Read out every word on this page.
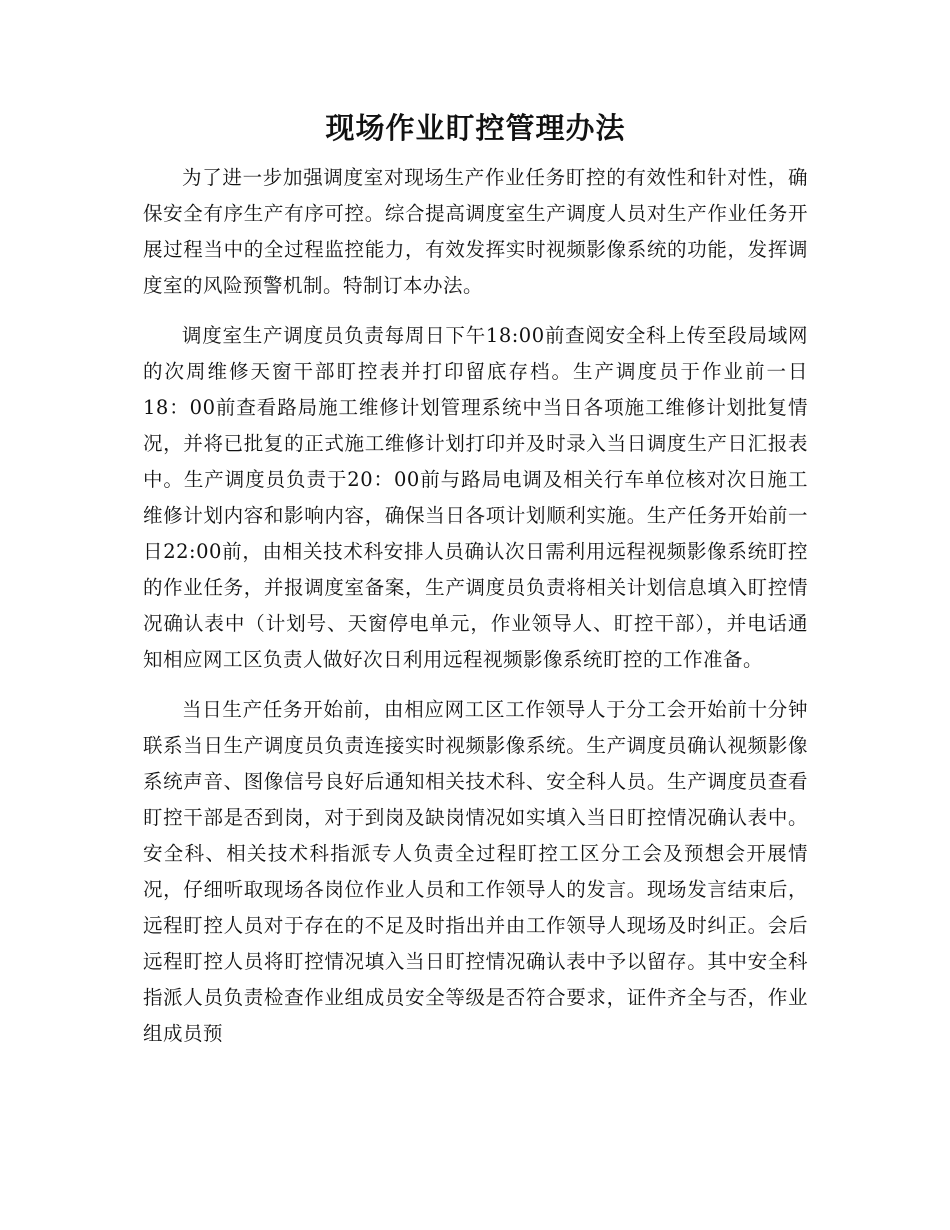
现场作业盯控管理办法

为了进一步加强调度室对现场生产作业任务盯控的有效性和针对性，确保安全有序生产有序可控。综合提高调度室生产调度人员对生产作业任务开展过程当中的全过程监控能力，有效发挥实时视频影像系统的功能，发挥调度室的风险预警机制。特制订本办法。

调度室生产调度员负责每周日下午18:00前查阅安全科上传至段局域网的次周维修天窗干部盯控表并打印留底存档。生产调度员于作业前一日18：00前查看路局施工维修计划管理系统中当日各项施工维修计划批复情况，并将已批复的正式施工维修计划打印并及时录入当日调度生产日汇报表中。生产调度员负责于20：00前与路局电调及相关行车单位核对次日施工维修计划内容和影响内容，确保当日各项计划顺利实施。生产任务开始前一日22:00前，由相关技术科安排人员确认次日需利用远程视频影像系统盯控的作业任务，并报调度室备案，生产调度员负责将相关计划信息填入盯控情况确认表中（计划号、天窗停电单元，作业领导人、盯控干部），并电话通知相应网工区负责人做好次日利用远程视频影像系统盯控的工作准备。

当日生产任务开始前，由相应网工区工作领导人于分工会开始前十分钟联系当日生产调度员负责连接实时视频影像系统。生产调度员确认视频影像系统声音、图像信号良好后通知相关技术科、安全科人员。生产调度员查看盯控干部是否到岗，对于到岗及缺岗情况如实填入当日盯控情况确认表中。安全科、相关技术科指派专人负责全过程盯控工区分工会及预想会开展情况，仔细听取现场各岗位作业人员和工作领导人的发言。现场发言结束后，远程盯控人员对于存在的不足及时指出并由工作领导人现场及时纠正。会后远程盯控人员将盯控情况填入当日盯控情况确认表中予以留存。其中安全科指派人员负责检查作业组成员安全等级是否符合要求，证件齐全与否，作业组成员预
